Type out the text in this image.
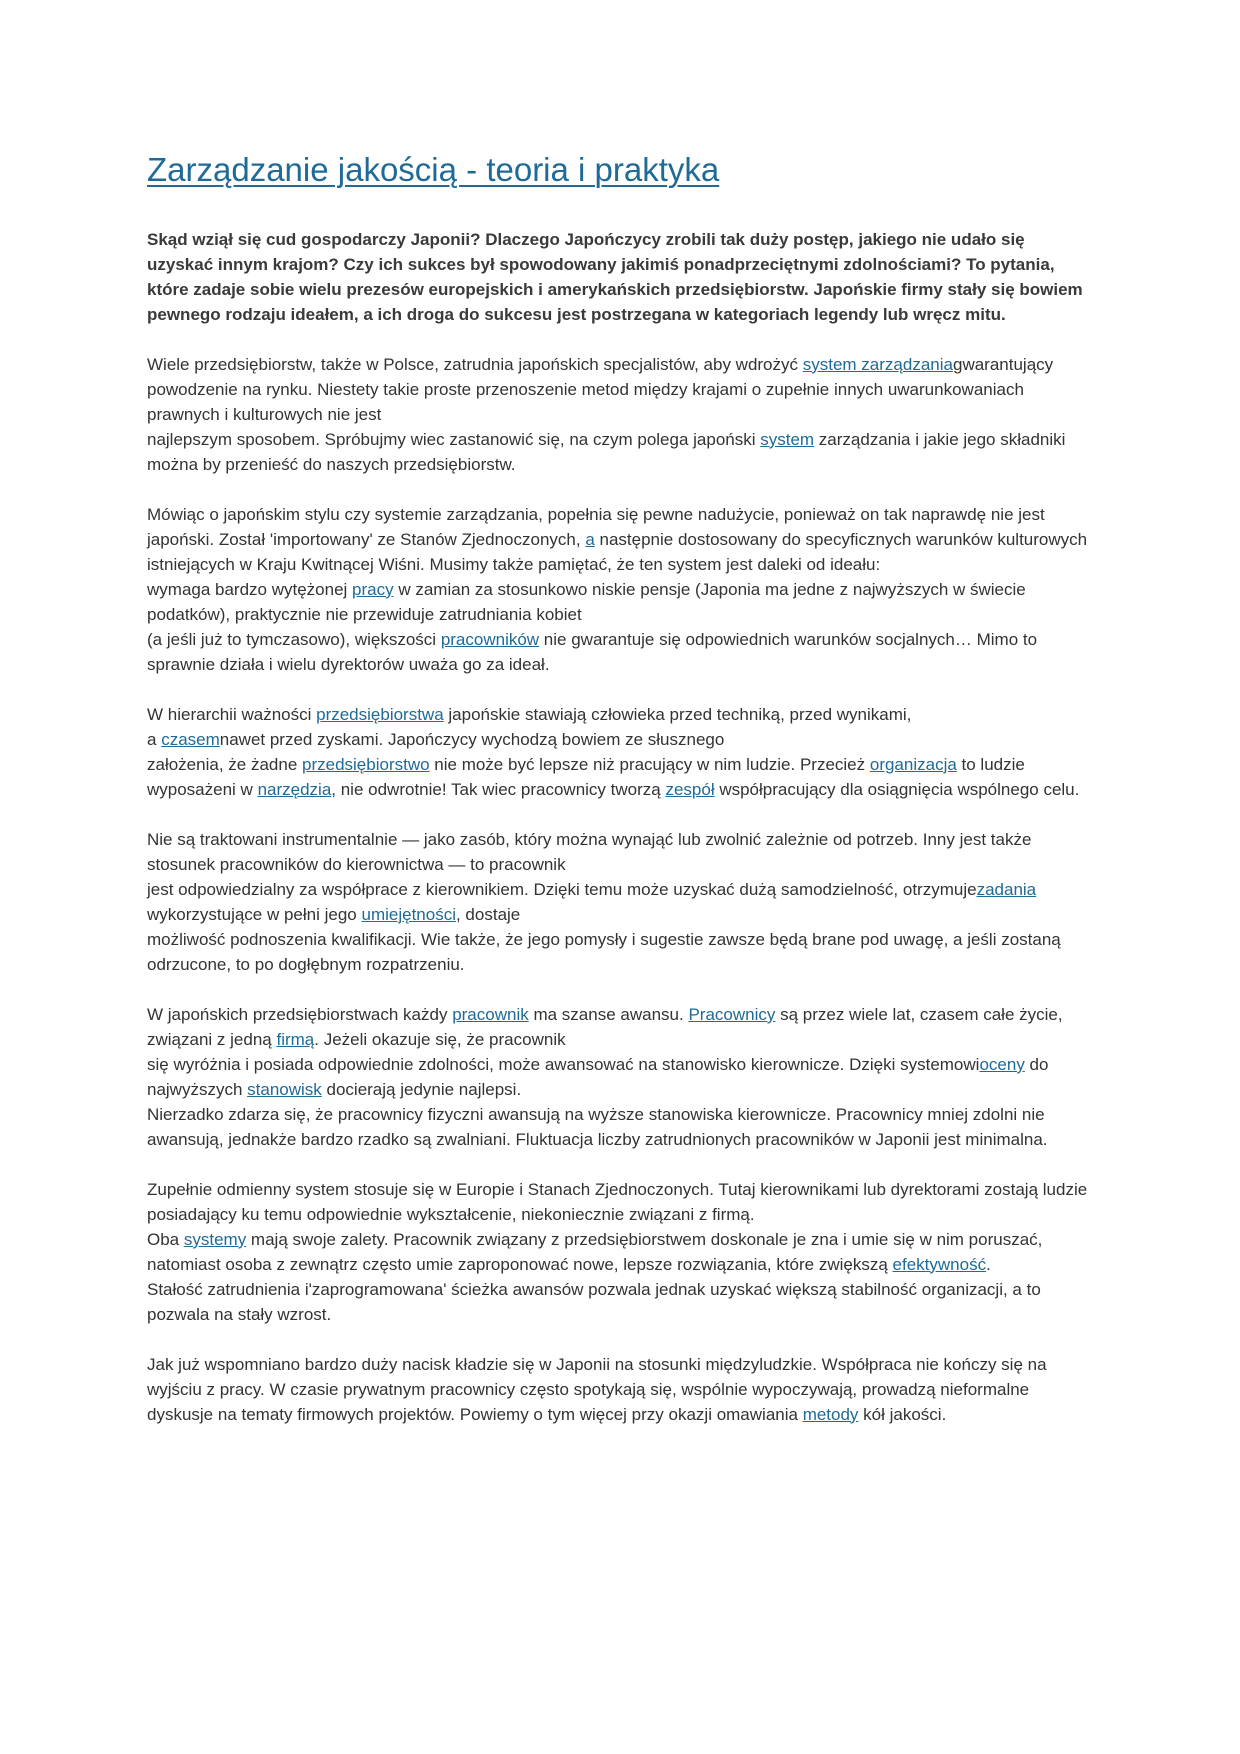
Zarządzanie jakością - teoria i praktyka

Skąd wziął się cud gospodarczy Japonii? Dlaczego Japończycy zrobili tak duży postęp, jakiego nie udało się uzyskać innym krajom? Czy ich sukces był spowodowany jakimiś ponadprzeciętnymi zdolnościami? To pytania, które zadaje sobie wielu prezesów europejskich i amerykańskich przedsiębiorstw. Japońskie firmy stały się bowiem pewnego rodzaju ideałem, a ich droga do sukcesu jest postrzegana w kategoriach legendy lub wręcz mitu.

Wiele przedsiębiorstw, także w Polsce, zatrudnia japońskich specjalistów, aby wdrożyć system zarządzaniagwarantujący powodzenie na rynku. Niestety takie proste przenoszenie metod między krajami o zupełnie innych uwarunkowaniach prawnych i kulturowych nie jest
najlepszym sposobem. Spróbujmy wiec zastanowić się, na czym polega japoński system zarządzania i jakie jego składniki można by przenieść do naszych przedsiębiorstw.

Mówiąc o japońskim stylu czy systemie zarządzania, popełnia się pewne nadużycie, ponieważ on tak naprawdę nie jest japoński. Został 'importowany' ze Stanów Zjednoczonych, a następnie dostosowany do specyficznych warunków kulturowych istniejących w Kraju Kwitnącej Wiśni. Musimy także pamiętać, że ten system jest daleki od ideału:
wymaga bardzo wytężonej pracy w zamian za stosunkowo niskie pensje (Japonia ma jedne z najwyższych w świecie podatków), praktycznie nie przewiduje zatrudniania kobiet
(a jeśli już to tymczasowo), większości pracowników nie gwarantuje się odpowiednich warunków socjalnych… Mimo to sprawnie działa i wielu dyrektorów uważa go za ideał.

W hierarchii ważności przedsiębiorstwa japońskie stawiają człowieka przed techniką, przed wynikami,
a czasemnawet przed zyskami. Japończycy wychodzą bowiem ze słusznego
założenia, że żadne przedsiębiorstwo nie może być lepsze niż pracujący w nim ludzie. Przecież organizacja to ludzie wyposażeni w narzędzia, nie odwrotnie! Tak wiec pracownicy tworzą zespół współpracujący dla osiągnięcia wspólnego celu.

Nie są traktowani instrumentalnie — jako zasób, który można wynająć lub zwolnić zależnie od potrzeb. Inny jest także stosunek pracowników do kierownictwa — to pracownik
jest odpowiedzialny za współprace z kierownikiem. Dzięki temu może uzyskać dużą samodzielność, otrzymujezadania wykorzystujące w pełni jego umiejętności, dostaje
możliwość podnoszenia kwalifikacji. Wie także, że jego pomysły i sugestie zawsze będą brane pod uwagę, a jeśli zostaną odrzucone, to po dogłębnym rozpatrzeniu.

W japońskich przedsiębiorstwach każdy pracownik ma szanse awansu. Pracownicy są przez wiele lat, czasem całe życie, związani z jedną firmą. Jeżeli okazuje się, że pracownik
się wyróżnia i posiada odpowiednie zdolności, może awansować na stanowisko kierownicze. Dzięki systemowioceny do najwyższych stanowisk docierają jedynie najlepsi.
Nierzadko zdarza się, że pracownicy fizyczni awansują na wyższe stanowiska kierownicze. Pracownicy mniej zdolni nie awansują, jednakże bardzo rzadko są zwalniani. Fluktuacja liczby zatrudnionych pracowników w Japonii jest minimalna.

Zupełnie odmienny system stosuje się w Europie i Stanach Zjednoczonych. Tutaj kierownikami lub dyrektorami zostają ludzie posiadający ku temu odpowiednie wykształcenie, niekoniecznie związani z firmą.
Oba systemy mają swoje zalety. Pracownik związany z przedsiębiorstwem doskonale je zna i umie się w nim poruszać, natomiast osoba z zewnątrz często umie zaproponować nowe, lepsze rozwiązania, które zwiększą efektywność.
Stałość zatrudnienia i'zaprogramowana' ścieżka awansów pozwala jednak uzyskać większą stabilność organizacji, a to pozwala na stały wzrost.

Jak już wspomniano bardzo duży nacisk kładzie się w Japonii na stosunki międzyludzkie. Współpraca nie kończy się na wyjściu z pracy. W czasie prywatnym pracownicy często spotykają się, wspólnie wypoczywają, prowadzą nieformalne dyskusje na tematy firmowych projektów. Powiemy o tym więcej przy okazji omawiania metody kół jakości.
